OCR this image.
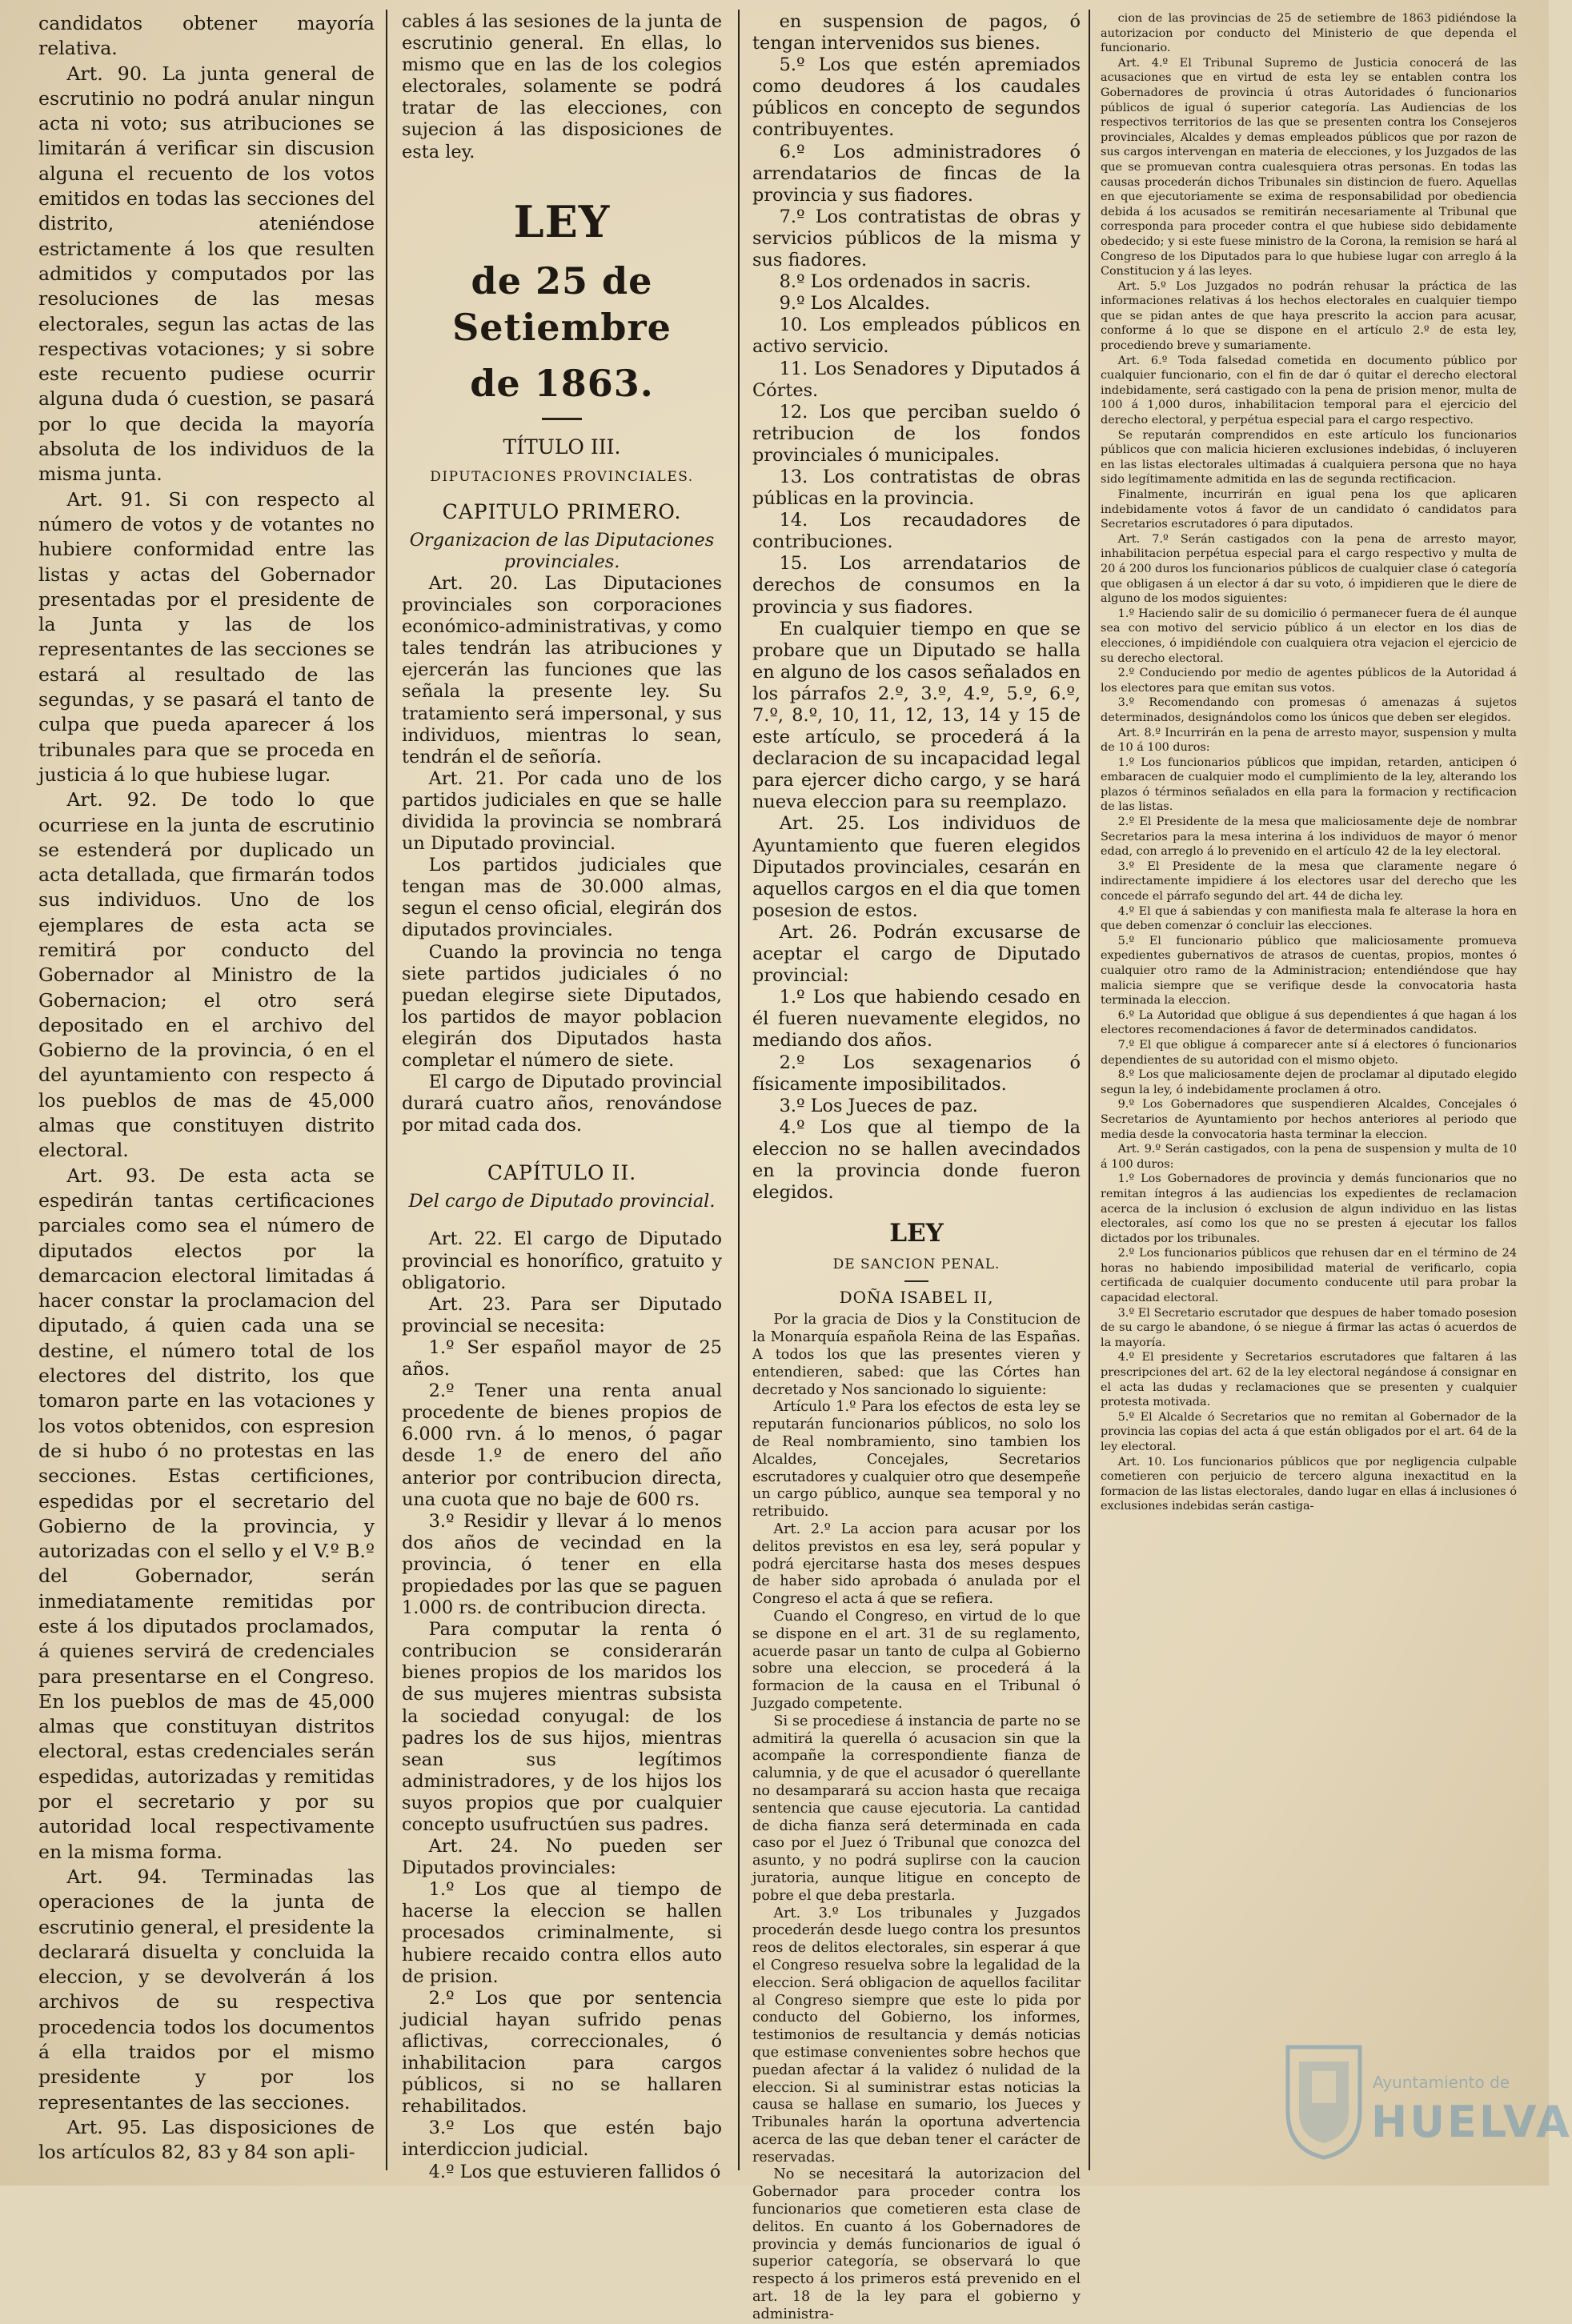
candidatos obtener mayoría relativa.

Art. 90. La junta general de escrutinio no podrá anular ningun acta ni voto; sus atribuciones se limitarán á verificar sin discusion alguna el recuento de los votos emitidos en todas las secciones del distrito, ateniéndose estrictamente á los que resulten admitidos y computados por las resoluciones de las mesas electorales, segun las actas de las respectivas votaciones; y si sobre este recuento pudiese ocurrir alguna duda ó cuestion, se pasará por lo que decida la mayoría absoluta de los individuos de la misma junta.

Art. 91. Si con respecto al número de votos y de votantes no hubiere conformidad entre las listas y actas del Gobernador presentadas por el presidente de la Junta y las de los representantes de las secciones se estará al resultado de las segundas, y se pasará el tanto de culpa que pueda aparecer á los tribunales para que se proceda en justicia á lo que hubiese lugar.

Art. 92. De todo lo que ocurriese en la junta de escrutinio se estenderá por duplicado un acta detallada, que firmarán todos sus individuos. Uno de los ejemplares de esta acta se remitirá por conducto del Gobernador al Ministro de la Gobernacion; el otro será depositado en el archivo del Gobierno de la provincia, ó en el del ayuntamiento con respecto á los pueblos de mas de 45,000 almas que constituyen distrito electoral.

Art. 93. De esta acta se espedirán tantas certificaciones parciales como sea el número de diputados electos por la demarcacion electoral limitadas á hacer constar la proclamacion del diputado, á quien cada una se destine, el número total de los electores del distrito, los que tomaron parte en las votaciones y los votos obtenidos, con espresion de si hubo ó no protestas en las secciones. Estas certificiones, espedidas por el secretario del Gobierno de la provincia, y autorizadas con el sello y el V.º B.º del Gobernador, serán inmediatamente remitidas por este á los diputados proclamados, á quienes servirá de credenciales para presentarse en el Congreso. En los pueblos de mas de 45,000 almas que constituyan distritos electoral, estas credenciales serán espedidas, autorizadas y remitidas por el secretario y por su autoridad local respectivamente en la misma forma.

Art. 94. Terminadas las operaciones de la junta de escrutinio general, el presidente la declarará disuelta y concluida la eleccion, y se devolverán á los archivos de su respectiva procedencia todos los documentos á ella traidos por el mismo presidente y por los representantes de las secciones.

Art. 95. Las disposiciones de los artículos 82, 83 y 84 son apli-

cables á las sesiones de la junta de escrutinio general. En ellas, lo mismo que en las de los colegios electorales, solamente se podrá tratar de las elecciones, con sujecion á las disposiciones de esta ley.

LEY
de 25 de Setiembre
de 1863.
TÍTULO III.
DIPUTACIONES PROVINCIALES.
CAPITULO PRIMERO.

Organizacion de las Diputaciones provinciales.

Art. 20. Las Diputaciones provinciales son corporaciones económico-administrativas, y como tales tendrán las atribuciones y ejercerán las funciones que las señala la presente ley. Su tratamiento será impersonal, y sus individuos, mientras lo sean, tendrán el de señoría.

Art. 21. Por cada uno de los partidos judiciales en que se halle dividida la provincia se nombrará un Diputado provincial.

Los partidos judiciales que tengan mas de 30.000 almas, segun el censo oficial, elegirán dos diputados provinciales.

Cuando la provincia no tenga siete partidos judiciales ó no puedan elegirse siete Diputados, los partidos de mayor poblacion elegirán dos Diputados hasta completar el número de siete.

El cargo de Diputado provincial durará cuatro años, renovándose por mitad cada dos.

CAPÍTULO II.

Del cargo de Diputado provincial.

Art. 22. El cargo de Diputado provincial es honorífico, gratuito y obligatorio.

Art. 23. Para ser Diputado provincial se necesita:

1.º Ser español mayor de 25 años.

2.º Tener una renta anual procedente de bienes propios de 6.000 rvn. á lo menos, ó pagar desde 1.º de enero del año anterior por contribucion directa, una cuota que no baje de 600 rs.

3.º Residir y llevar á lo menos dos años de vecindad en la provincia, ó tener en ella propiedades por las que se paguen 1.000 rs. de contribucion directa.

Para computar la renta ó contribucion se considerarán bienes propios de los maridos los de sus mujeres mientras subsista la sociedad conyugal: de los padres los de sus hijos, mientras sean sus legítimos administradores, y de los hijos los suyos propios que por cualquier concepto usufructúen sus padres.

Art. 24. No pueden ser Diputados provinciales:

1.º Los que al tiempo de hacerse la eleccion se hallen procesados criminalmente, si hubiere recaido contra ellos auto de prision.

2.º Los que por sentencia judicial hayan sufrido penas aflictivas, correccionales, ó inhabilitacion para cargos públicos, si no se hallaren rehabilitados.

3.º Los que estén bajo interdiccion judicial.

4.º Los que estuvieren fallidos ó

en suspension de pagos, ó tengan intervenidos sus bienes.

5.º Los que estén apremiados como deudores á los caudales públicos en concepto de segundos contribuyentes.

6.º Los administradores ó arrendatarios de fincas de la provincia y sus fiadores.

7.º Los contratistas de obras y servicios públicos de la misma y sus fiadores.

8.º Los ordenados in sacris.

9.º Los Alcaldes.

10. Los empleados públicos en activo servicio.

11. Los Senadores y Diputados á Córtes.

12. Los que perciban sueldo ó retribucion de los fondos provinciales ó municipales.

13. Los contratistas de obras públicas en la provincia.

14. Los recaudadores de contribuciones.

15. Los arrendatarios de derechos de consumos en la provincia y sus fiadores.

En cualquier tiempo en que se probare que un Diputado se halla en alguno de los casos señalados en los párrafos 2.º, 3.º, 4.º, 5.º, 6.º, 7.º, 8.º, 10, 11, 12, 13, 14 y 15 de este artículo, se procederá á la declaracion de su incapacidad legal para ejercer dicho cargo, y se hará nueva eleccion para su reemplazo.

Art. 25. Los individuos de Ayuntamiento que fueren elegidos Diputados provinciales, cesarán en aquellos cargos en el dia que tomen posesion de estos.

Art. 26. Podrán excusarse de aceptar el cargo de Diputado provincial:

1.º Los que habiendo cesado en él fueren nuevamente elegidos, no mediando dos años.

2.º Los sexagenarios ó físicamente imposibilitados.

3.º Los Jueces de paz.

4.º Los que al tiempo de la eleccion no se hallen avecindados en la provincia donde fueron elegidos.

LEY
DE SANCION PENAL.
DOÑA ISABEL II,

Por la gracia de Dios y la Constitucion de la Monarquía española Reina de las Españas. A todos los que las presentes vieren y entendieren, sabed: que las Córtes han decretado y Nos sancionado lo siguiente:

Artículo 1.º Para los efectos de esta ley se reputarán funcionarios públicos, no solo los de Real nombramiento, sino tambien los Alcaldes, Concejales, Secretarios escrutadores y cualquier otro que desempeñe un cargo público, aunque sea temporal y no retribuido.

Art. 2.º La accion para acusar por los delitos previstos en esa ley, será popular y podrá ejercitarse hasta dos meses despues de haber sido aprobada ó anulada por el Congreso el acta á que se refiera.

Cuando el Congreso, en virtud de lo que se dispone en el art. 31 de su reglamento, acuerde pasar un tanto de culpa al Gobierno sobre una eleccion, se procederá á la formacion de la causa en el Tribunal ó Juzgado competente.

Si se procediese á instancia de parte no se admitirá la querella ó acusacion sin que la acompañe la correspondiente fianza de calumnia, y de que el acusador ó querellante no desamparará su accion hasta que recaiga sentencia que cause ejecutoria. La cantidad de dicha fianza será determinada en cada caso por el Juez ó Tribunal que conozca del asunto, y no podrá suplirse con la caucion juratoria, aunque litigue en concepto de pobre el que deba prestarla.

Art. 3.º Los tribunales y Juzgados procederán desde luego contra los presuntos reos de delitos electorales, sin esperar á que el Congreso resuelva sobre la legalidad de la eleccion. Será obligacion de aquellos facilitar al Congreso siempre que este lo pida por conducto del Gobierno, los informes, testimonios de resultancia y demás noticias que estimase convenientes sobre hechos que puedan afectar á la validez ó nulidad de la eleccion. Si al suministrar estas noticias la causa se hallase en sumario, los Jueces y Tribunales harán la oportuna advertencia acerca de las que deban tener el carácter de reservadas.

No se necesitará la autorizacion del Gobernador para proceder contra los funcionarios que cometieren esta clase de delitos. En cuanto á los Gobernadores de provincia y demás funcionarios de igual ó superior categoría, se observará lo que respecto á los primeros está prevenido en el art. 18 de la ley para el gobierno y administra-

cion de las provincias de 25 de setiembre de 1863 pidiéndose la autorizacion por conducto del Ministerio de que dependa el funcionario.

Art. 4.º El Tribunal Supremo de Justicia conocerá de las acusaciones que en virtud de esta ley se entablen contra los Gobernadores de provincia ú otras Autoridades ó funcionarios públicos de igual ó superior categoría. Las Audiencias de los respectivos territorios de las que se presenten contra los Consejeros provinciales, Alcaldes y demas empleados públicos que por razon de sus cargos intervengan en materia de elecciones, y los Juzgados de las que se promuevan contra cualesquiera otras personas. En todas las causas procederán dichos Tribunales sin distincion de fuero. Aquellas en que ejecutoriamente se exima de responsabilidad por obediencia debida á los acusados se remitirán necesariamente al Tribunal que corresponda para proceder contra el que hubiese sido debidamente obedecido; y si este fuese ministro de la Corona, la remision se hará al Congreso de los Diputados para lo que hubiese lugar con arreglo á la Constitucion y á las leyes.

Art. 5.º Los Juzgados no podrán rehusar la práctica de las informaciones relativas á los hechos electorales en cualquier tiempo que se pidan antes de que haya prescrito la accion para acusar, conforme á lo que se dispone en el artículo 2.º de esta ley, procediendo breve y sumariamente.

Art. 6.º Toda falsedad cometida en documento público por cualquier funcionario, con el fin de dar ó quitar el derecho electoral indebidamente, será castigado con la pena de prision menor, multa de 100 á 1,000 duros, inhabilitacion temporal para el ejercicio del derecho electoral, y perpétua especial para el cargo respectivo.

Se reputarán comprendidos en este artículo los funcionarios públicos que con malicia hicieren exclusiones indebidas, ó incluyeren en las listas electorales ultimadas á cualquiera persona que no haya sido legítimamente admitida en las de segunda rectificacion.

Finalmente, incurrirán en igual pena los que aplicaren indebidamente votos á favor de un candidato ó candidatos para Secretarios escrutadores ó para diputados.

Art. 7.º Serán castigados con la pena de arresto mayor, inhabilitacion perpétua especial para el cargo respectivo y multa de 20 á 200 duros los funcionarios públicos de cualquier clase ó categoría que obligasen á un elector á dar su voto, ó impidieren que le diere de alguno de los modos siguientes:

1.º Haciendo salir de su domicilio ó permanecer fuera de él aunque sea con motivo del servicio público á un elector en los dias de elecciones, ó impidiéndole con cualquiera otra vejacion el ejercicio de su derecho electoral.

2.º Conduciendo por medio de agentes públicos de la Autoridad á los electores para que emitan sus votos.

3.º Recomendando con promesas ó amenazas á sujetos determinados, designándolos como los únicos que deben ser elegidos.

Art. 8.º Incurrirán en la pena de arresto mayor, suspension y multa de 10 á 100 duros:

1.º Los funcionarios públicos que impidan, retarden, anticipen ó embaracen de cualquier modo el cumplimiento de la ley, alterando los plazos ó términos señalados en ella para la formacion y rectificacion de las listas.

2.º El Presidente de la mesa que maliciosamente deje de nombrar Secretarios para la mesa interina á los individuos de mayor ó menor edad, con arreglo á lo prevenido en el artículo 42 de la ley electoral.

3.º El Presidente de la mesa que claramente negare ó indirectamente impidiere á los electores usar del derecho que les concede el párrafo segundo del art. 44 de dicha ley.

4.º El que á sabiendas y con manifiesta mala fe alterase la hora en que deben comenzar ó concluir las elecciones.

5.º El funcionario público que maliciosamente promueva expedientes gubernativos de atrasos de cuentas, propios, montes ó cualquier otro ramo de la Administracion; entendiéndose que hay malicia siempre que se verifique desde la convocatoria hasta terminada la eleccion.

6.º La Autoridad que obligue á sus dependientes á que hagan á los electores recomendaciones á favor de determinados candidatos.

7.º El que obligue á comparecer ante sí á electores ó funcionarios dependientes de su autoridad con el mismo objeto.

8.º Los que maliciosamente dejen de proclamar al diputado elegido segun la ley, ó indebidamente proclamen á otro.

9.º Los Gobernadores que suspendieren Alcaldes, Concejales ó Secretarios de Ayuntamiento por hechos anteriores al periodo que media desde la convocatoria hasta terminar la eleccion.

Art. 9.º Serán castigados, con la pena de suspension y multa de 10 á 100 duros:

1.º Los Gobernadores de provincia y demás funcionarios que no remitan íntegros á las audiencias los expedientes de reclamacion acerca de la inclusion ó exclusion de algun individuo en las listas electorales, así como los que no se presten á ejecutar los fallos dictados por los tribunales.

2.º Los funcionarios públicos que rehusen dar en el término de 24 horas no habiendo imposibilidad material de verificarlo, copia certificada de cualquier documento conducente util para probar la capacidad electoral.

3.º El Secretario escrutador que despues de haber tomado posesion de su cargo le abandone, ó se niegue á firmar las actas ó acuerdos de la mayoría.

4.º El presidente y Secretarios escrutadores que faltaren á las prescripciones del art. 62 de la ley electoral negándose á consignar en el acta las dudas y reclamaciones que se presenten y cualquier protesta motivada.

5.º El Alcalde ó Secretarios que no remitan al Gobernador de la provincia las copias del acta á que están obligados por el art. 64 de la ley electoral.

Art. 10. Los funcionarios públicos que por negligencia culpable cometieren con perjuicio de tercero alguna inexactitud en la formacion de las listas electorales, dando lugar en ellas á inclusiones ó exclusiones indebidas serán castiga-

Ayuntamiento de
HUELVA
